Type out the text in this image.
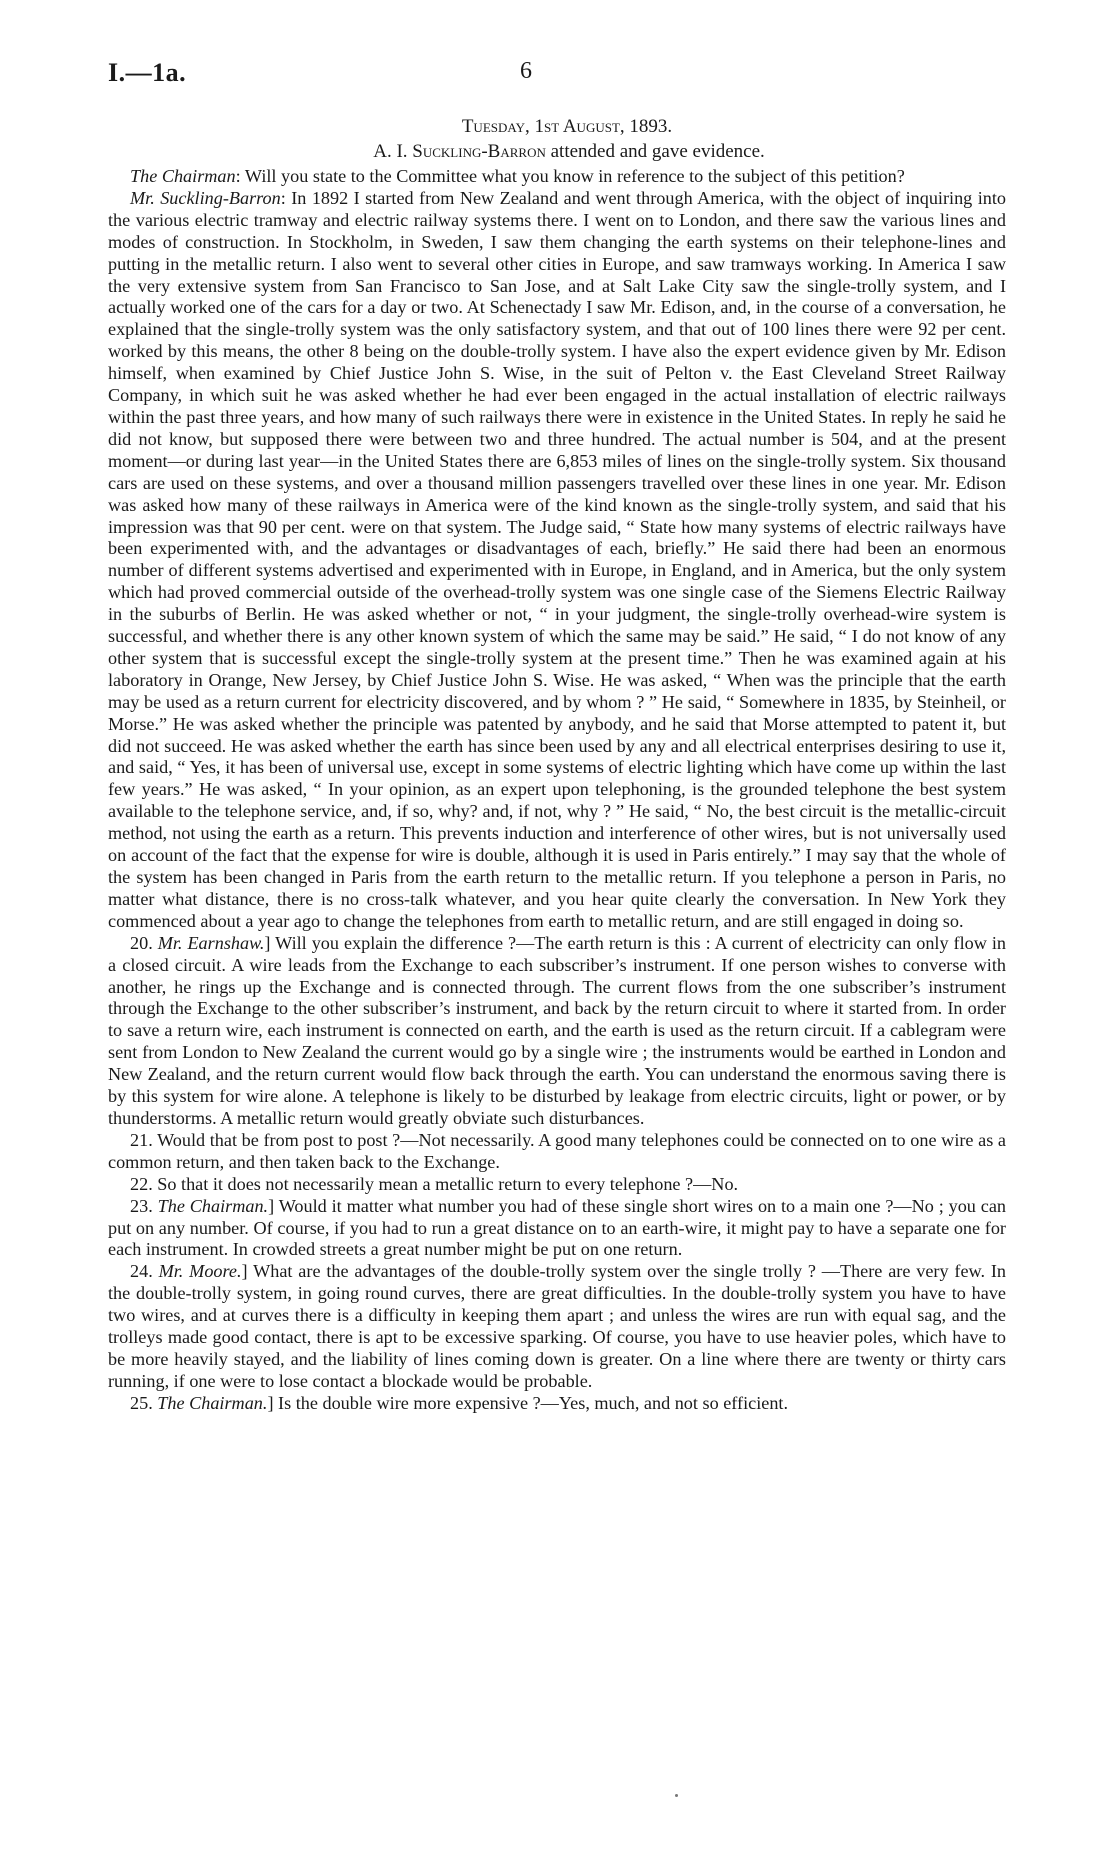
I.—1a.	6
Tuesday, 1st August, 1893.
A. I. Suckling-Barron attended and gave evidence.

The Chairman: Will you state to the Committee what you know in reference to the subject of this petition?

Mr. Suckling-Barron: In 1892 I started from New Zealand and went through America, with the object of inquiring into the various electric tramway and electric railway systems there. I went on to London, and there saw the various lines and modes of construction. In Stockholm, in Sweden, I saw them changing the earth systems on their telephone-lines and putting in the metallic return. I also went to several other cities in Europe, and saw tramways working. In America I saw the very extensive system from San Francisco to San Jose, and at Salt Lake City saw the single-trolly system, and I actually worked one of the cars for a day or two. At Schenectady I saw Mr. Edison, and, in the course of a conversation, he explained that the single-trolly system was the only satisfactory system, and that out of 100 lines there were 92 per cent. worked by this means, the other 8 being on the double-trolly system. I have also the expert evidence given by Mr. Edison himself, when examined by Chief Justice John S. Wise, in the suit of Pelton v. the East Cleveland Street Railway Company, in which suit he was asked whether he had ever been engaged in the actual installation of electric railways within the past three years, and how many of such railways there were in existence in the United States. In reply he said he did not know, but supposed there were between two and three hundred. The actual number is 504, and at the present moment—or during last year—in the United States there are 6,853 miles of lines on the single-trolly system. Six thousand cars are used on these systems, and over a thousand million passengers travelled over these lines in one year. Mr. Edison was asked how many of these railways in America were of the kind known as the single-trolly system, and said that his impression was that 90 per cent. were on that system. The Judge said, “ State how many systems of electric railways have been experimented with, and the advantages or disadvantages of each, briefly.” He said there had been an enormous number of different systems advertised and experimented with in Europe, in England, and in America, but the only system which had proved commercial outside of the overhead-trolly system was one single case of the Siemens Electric Railway in the suburbs of Berlin. He was asked whether or not, “ in your judgment, the single-trolly overhead-wire system is successful, and whether there is any other known system of which the same may be said.” He said, “ I do not know of any other system that is successful except the single-trolly system at the present time.” Then he was examined again at his laboratory in Orange, New Jersey, by Chief Justice John S. Wise. He was asked, “ When was the principle that the earth may be used as a return current for electricity discovered, and by whom ? ” He said, “ Somewhere in 1835, by Steinheil, or Morse.” He was asked whether the principle was patented by anybody, and he said that Morse attempted to patent it, but did not succeed. He was asked whether the earth has since been used by any and all electrical enterprises desiring to use it, and said, “ Yes, it has been of universal use, except in some systems of electric lighting which have come up within the last few years.” He was asked, “ In your opinion, as an expert upon telephoning, is the grounded telephone the best system available to the telephone service, and, if so, why? and, if not, why ? ” He said, “ No, the best circuit is the metallic-circuit method, not using the earth as a return. This prevents induction and interference of other wires, but is not universally used on account of the fact that the expense for wire is double, although it is used in Paris entirely.” I may say that the whole of the system has been changed in Paris from the earth return to the metallic return. If you telephone a person in Paris, no matter what distance, there is no cross-talk whatever, and you hear quite clearly the conversation. In New York they commenced about a year ago to change the telephones from earth to metallic return, and are still engaged in doing so.

20. Mr. Earnshaw.] Will you explain the difference ?—The earth return is this : A current of electricity can only flow in a closed circuit. A wire leads from the Exchange to each subscriber’s instrument. If one person wishes to converse with another, he rings up the Exchange and is connected through. The current flows from the one subscriber’s instrument through the Exchange to the other subscriber’s instrument, and back by the return circuit to where it started from. In order to save a return wire, each instrument is connected on earth, and the earth is used as the return circuit. If a cablegram were sent from London to New Zealand the current would go by a single wire ; the instruments would be earthed in London and New Zealand, and the return current would flow back through the earth. You can understand the enormous saving there is by this system for wire alone. A telephone is likely to be disturbed by leakage from electric circuits, light or power, or by thunderstorms. A metallic return would greatly obviate such disturbances.

21. Would that be from post to post ?—Not necessarily. A good many telephones could be connected on to one wire as a common return, and then taken back to the Exchange.

22. So that it does not necessarily mean a metallic return to every telephone ?—No.

23. The Chairman.] Would it matter what number you had of these single short wires on to a main one ?—No ; you can put on any number. Of course, if you had to run a great distance on to an earth-wire, it might pay to have a separate one for each instrument. In crowded streets a great number might be put on one return.

24. Mr. Moore.] What are the advantages of the double-trolly system over the single trolly ? —There are very few. In the double-trolly system, in going round curves, there are great difficulties. In the double-trolly system you have to have two wires, and at curves there is a difficulty in keeping them apart ; and unless the wires are run with equal sag, and the trolleys made good contact, there is apt to be excessive sparking. Of course, you have to use heavier poles, which have to be more heavily stayed, and the liability of lines coming down is greater. On a line where there are twenty or thirty cars running, if one were to lose contact a blockade would be probable.

25. The Chairman.] Is the double wire more expensive ?—Yes, much, and not so efficient.
